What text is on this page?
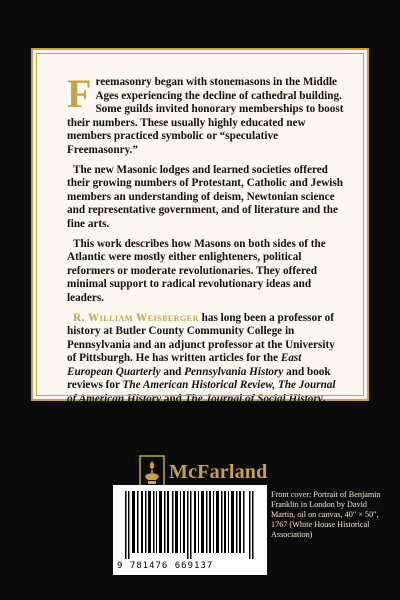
Freemasonry began with stonemasons in the Middle Ages experiencing the decline of cathedral building. Some guilds invited honorary memberships to boost their numbers. These usually highly educated new members practiced symbolic or “speculative Freemasonry.”

The new Masonic lodges and learned societies offered their growing numbers of Protestant, Catholic and Jewish members an understanding of deism, Newtonian science and representative government, and of literature and the fine arts.

This work describes how Masons on both sides of the Atlantic were mostly either enlighteners, political reformers or moderate revolutionaries. They offered minimal support to radical revolutionary ideas and leaders.

R. William Weisberger has long been a professor of history at Butler County Community College in Pennsylvania and an adjunct professor at the University of Pittsburgh. He has written articles for the East European Quarterly and Pennsylvania History and book reviews for The American Historical Review, The Journal of American History and The Journal of Social History.

McFarland
9 781476 669137
Front cover: Portrait of Benjamin Franklin in London by David Martin, oil on canvas, 40″ × 50″, 1767 (White House Historical Association)
